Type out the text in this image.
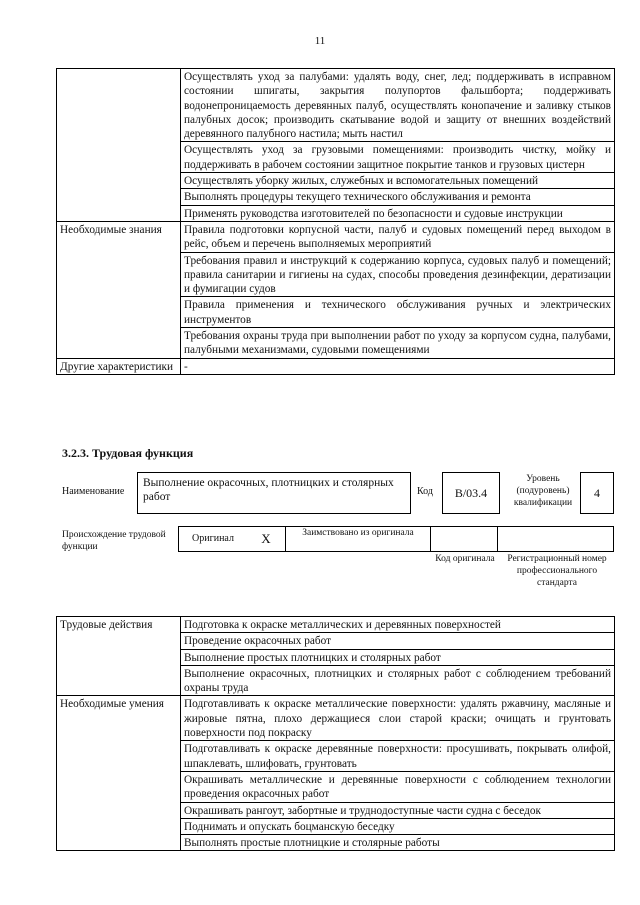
11
	Осуществлять уход за палубами: удалять воду, снег, лед; поддерживать в исправном состоянии шпигаты, закрытия полупортов фальшборта; поддерживать водонепроницаемость деревянных палуб, осуществлять конопачение и заливку стыков палубных досок; производить скатывание водой и защиту от внешних воздействий деревянного палубного настила; мыть настил
	Осуществлять уход за грузовыми помещениями: производить чистку, мойку и поддерживать в рабочем состоянии защитное покрытие танков и грузовых цистерн
	Осуществлять уборку жилых, служебных и вспомогательных помещений
	Выполнять процедуры текущего технического обслуживания и ремонта
	Применять руководства изготовителей по безопасности и судовые инструкции
Необходимые знания	Правила подготовки корпусной части, палуб и судовых помещений перед выходом в рейс, объем и перечень выполняемых мероприятий
	Требования правил и инструкций к содержанию корпуса, судовых палуб и помещений; правила санитарии и гигиены на судах, способы проведения дезинфекции, дератизации и фумигации судов
	Правила применения и технического обслуживания ручных и электрических инструментов
	Требования охраны труда при выполнении работ по уходу за корпусом судна, палубами, палубными механизмами, судовыми помещениями
Другие характеристики	-
3.2.3. Трудовая функция
Наименование
Выполнение окрасочных, плотницких и столярных работ	Код	В/03.4
Уровень (подуровень) квалификации
4
Происхождение трудовой функции
Оригинал	X	Заимствовано из оригинала
Код оригинала	Регистрационный номер профессионального стандарта
Трудовые действия	Подготовка к окраске металлических и деревянных поверхностей
	Проведение окрасочных работ
	Выполнение простых плотницких и столярных работ
	Выполнение окрасочных, плотницких и столярных работ с соблюдением требований охраны труда
Необходимые умения	Подготавливать к окраске металлические поверхности: удалять ржавчину, масляные и жировые пятна, плохо держащиеся слои старой краски; очищать и грунтовать поверхности под покраску
	Подготавливать к окраске деревянные поверхности: просушивать, покрывать олифой, шпаклевать, шлифовать, грунтовать
	Окрашивать металлические и деревянные поверхности с соблюдением технологии проведения окрасочных работ
	Окрашивать рангоут, забортные и труднодоступные части судна с беседок
	Поднимать и опускать боцманскую беседку
	Выполнять простые плотницкие и столярные работы
